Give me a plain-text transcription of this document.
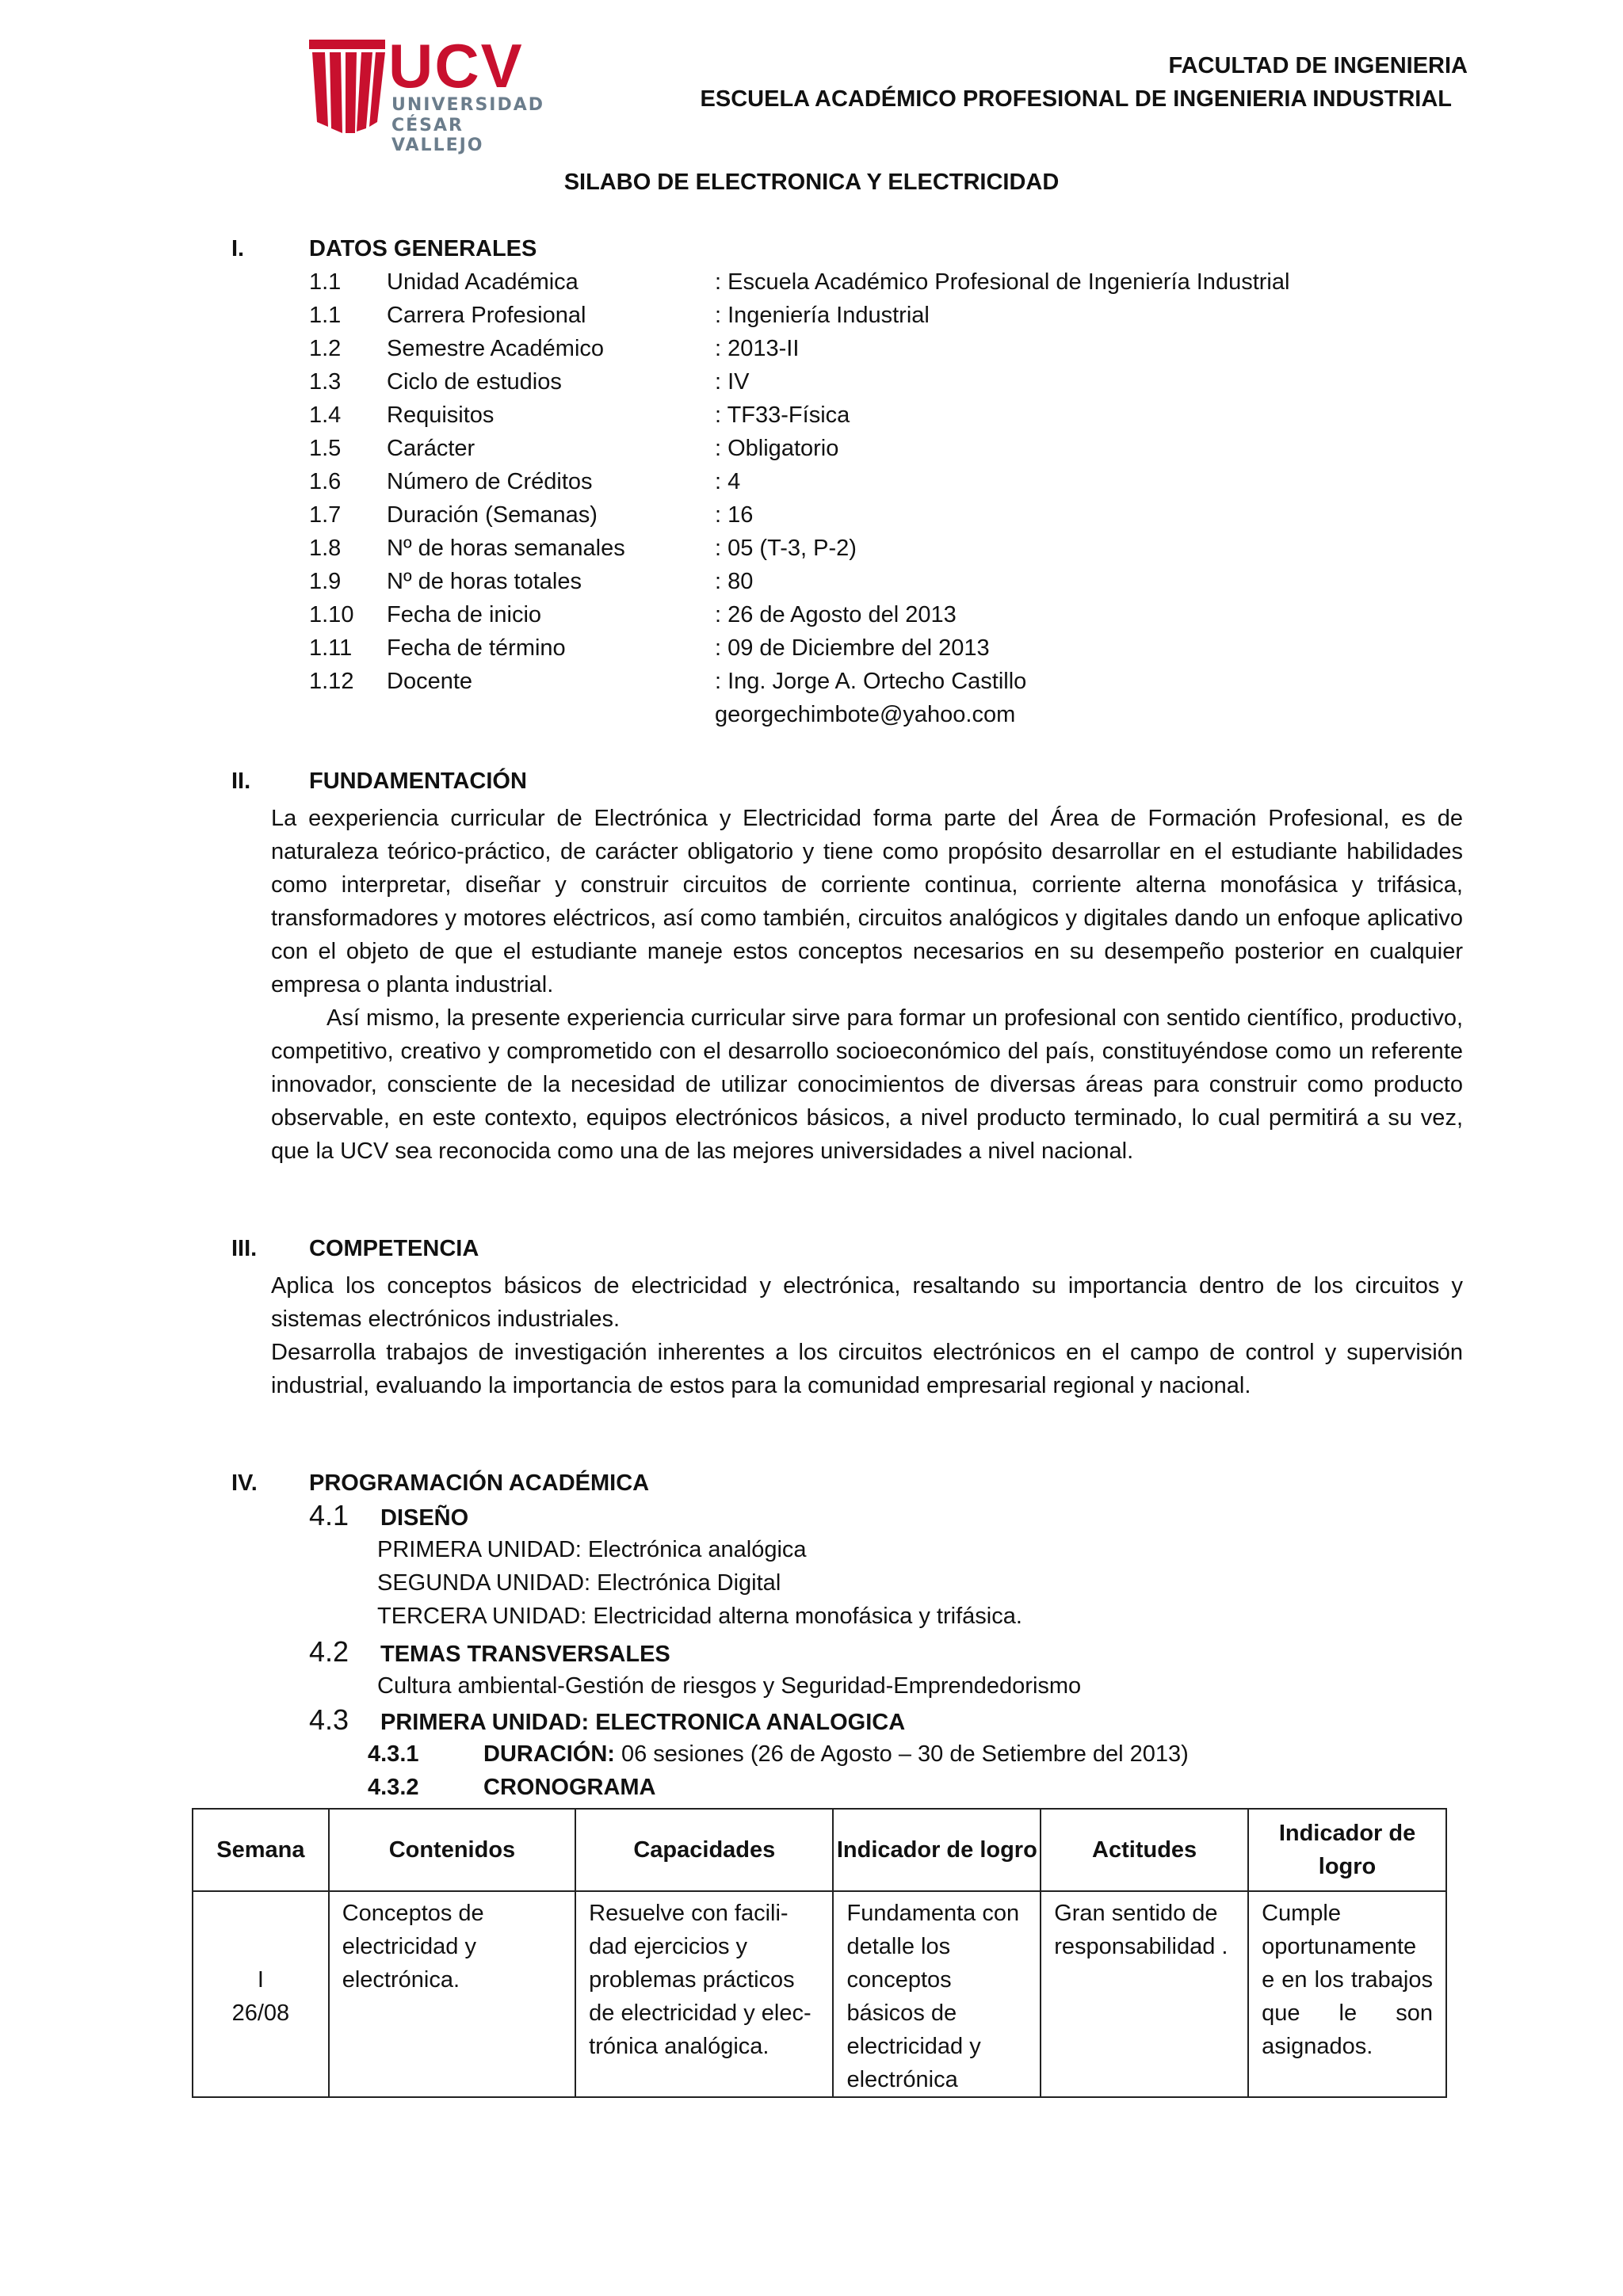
UCV
UNIVERSIDAD
CÉSAR VALLEJO
FACULTAD DE INGENIERIA
ESCUELA ACADÉMICO PROFESIONAL DE INGENIERIA INDUSTRIAL
SILABO DE ELECTRONICA Y ELECTRICIDAD
I.	DATOS GENERALES
1.1 Unidad Académica	: Escuela Académico Profesional de Ingeniería Industrial
1.1 Carrera Profesional	: Ingeniería Industrial
1.2 Semestre Académico	: 2013-II
1.3 Ciclo de estudios	: IV
1.4 Requisitos	: TF33-Física
1.5 Carácter	: Obligatorio
1.6 Número de Créditos	: 4
1.7 Duración (Semanas)	: 16
1.8 Nº de horas semanales	: 05 (T-3, P-2)
1.9 Nº de horas totales	: 80
1.10 Fecha de inicio	: 26 de Agosto del 2013
1.11 Fecha de término	: 09 de Diciembre del 2013
1.12 Docente	: Ing. Jorge A. Ortecho Castillo
georgechimbote@yahoo.com
II.	FUNDAMENTACIÓN

La eexperiencia curricular de Electrónica y Electricidad forma parte del Área de Formación Profesional, es de naturaleza teórico-práctico, de carácter obligatorio y tiene como propósito desarrollar en el estudiante habilidades como interpretar, diseñar y construir circuitos de corriente continua, corriente alterna monofásica y trifásica, transformadores y motores eléctricos, así como también, circuitos analógicos y digitales dando un enfoque aplicativo con el objeto de que el estudiante maneje estos conceptos necesarios en su desempeño posterior en cualquier empresa o planta industrial.

Así mismo, la presente experiencia curricular sirve para formar un profesional con sentido científico, productivo, competitivo, creativo y comprometido con el desarrollo socioeconómico del país, constituyéndose como un referente innovador, consciente de la necesidad de utilizar conocimientos de diversas áreas para construir como producto observable, en este contexto, equipos electrónicos básicos, a nivel producto terminado, lo cual permitirá a su vez, que la UCV sea reconocida como una de las mejores universidades a nivel nacional.

III. COMPETENCIA

Aplica los conceptos básicos de electricidad y electrónica, resaltando su importancia dentro de los circuitos y sistemas electrónicos industriales.

Desarrolla trabajos de investigación inherentes a los circuitos electrónicos en el campo de control y supervisión industrial, evaluando la importancia de estos para la comunidad empresarial regional y nacional.

IV. PROGRAMACIÓN ACADÉMICA
4.1 DISEÑO
PRIMERA UNIDAD: Electrónica analógica
SEGUNDA UNIDAD: Electrónica Digital
TERCERA UNIDAD: Electricidad alterna monofásica y trifásica.
4.2 TEMAS TRANSVERSALES
Cultura ambiental-Gestión de riesgos y Seguridad-Emprendedorismo
4.3 PRIMERA UNIDAD: ELECTRONICA ANALOGICA
4.3.1	DURACIÓN: 06 sesiones (26 de Agosto – 30 de Setiembre del 2013)
4.3.2	CRONOGRAMA
Semana	Contenidos	Capacidades	Indicador de logro	Actitudes	Indicador de logro

I
26/08	Conceptos de electricidad y electrónica.	Resuelve con facili-dad ejercicios y problemas prácticos de electricidad y elec-trónica analógica.	Fundamenta con detalle los conceptos básicos de electricidad y electrónica	Gran sentido de responsabilidad .	Cumple oportunamente e en los trabajos que le son asignados.
